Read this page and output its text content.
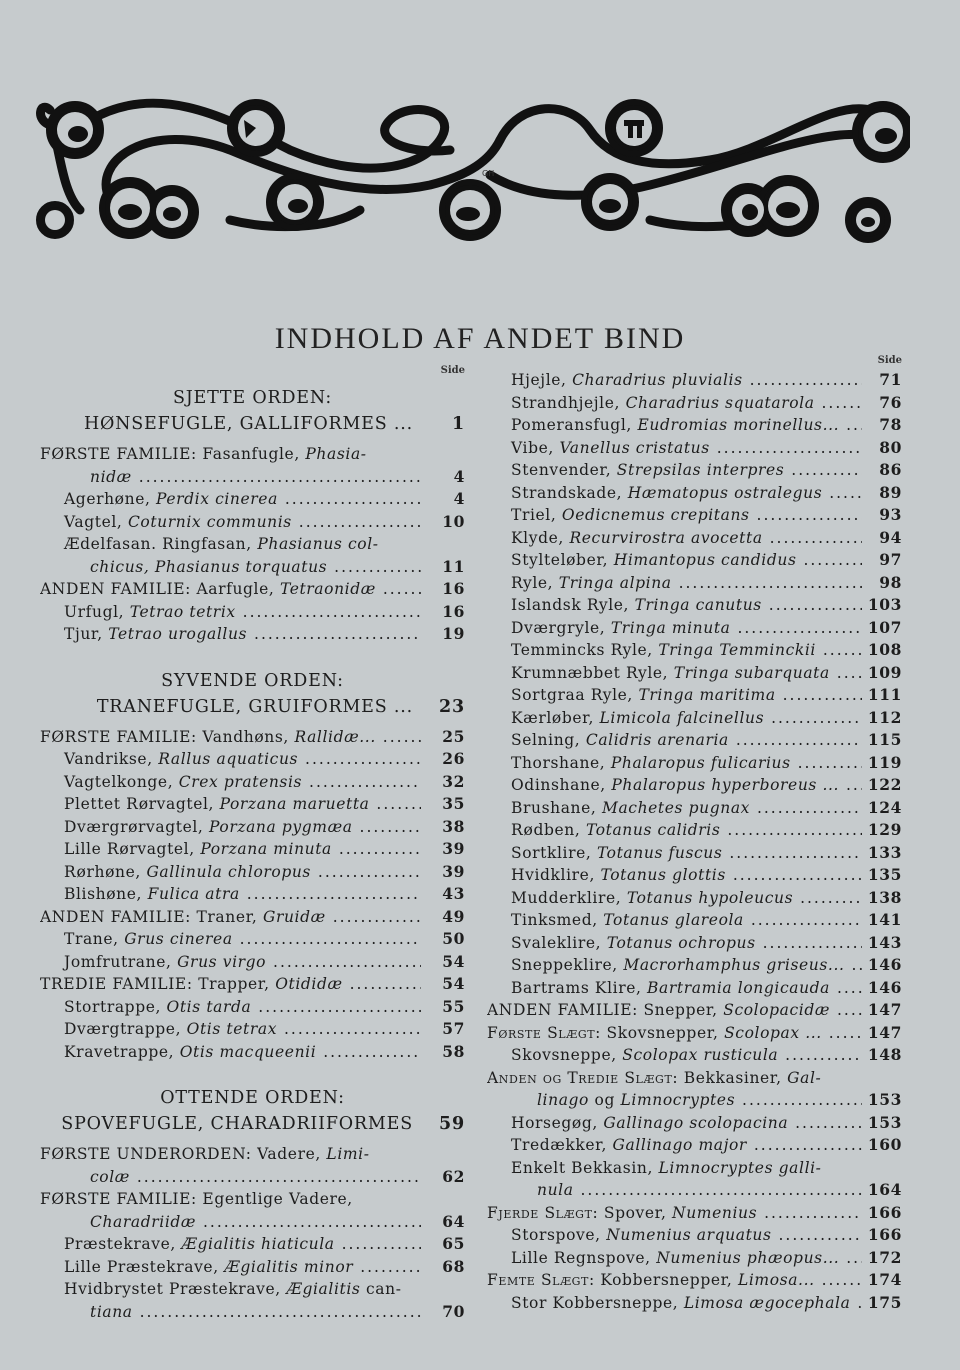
GH
INDHOLD AF ANDET BIND
Side
SJETTE ORDEN:
HØNSEFUGLE, GALLIFORMES ...	1
FØRSTE FAMILIE: Fasanfugle, Phasia-
nidæ .....	4
Agerhøne, Perdix cinerea .....	4
Vagtel, Coturnix communis .....	10
Ædelfasan. Ringfasan, Phasianus col-
chicus, Phasianus torquatus .....	11
ANDEN FAMILIE: Aarfugle, Tetraonidæ .....	16
Urfugl, Tetrao tetrix .....	16
Tjur, Tetrao urogallus .....	19
SYVENDE ORDEN:
TRANEFUGLE, GRUIFORMES ...	23
FØRSTE FAMILIE: Vandhøns, Rallidæ... .....	25
Vandrikse, Rallus aquaticus .....	26
Vagtelkonge, Crex pratensis .....	32
Plettet Rørvagtel, Porzana maruetta .....	35
Dværgrørvagtel, Porzana pygmæa .....	38
Lille Rørvagtel, Porzana minuta .....	39
Rørhøne, Gallinula chloropus .....	39
Blishøne, Fulica atra .....	43
ANDEN FAMILIE: Traner, Gruidæ .....	49
Trane, Grus cinerea .....	50
Jomfrutrane, Grus virgo .....	54
TREDIE FAMILIE: Trapper, Otididæ .....	54
Stortrappe, Otis tarda .....	55
Dværgtrappe, Otis tetrax .....	57
Kravetrappe, Otis macqueenii .....	58
OTTENDE ORDEN:
SPOVEFUGLE, CHARADRIIFORMES	59
FØRSTE UNDERORDEN: Vadere, Limi-
colæ .....	62
FØRSTE FAMILIE: Egentlige Vadere,
Charadriidæ .....	64
Præstekrave, Ægialitis hiaticula .....	65
Lille Præstekrave, Ægialitis minor .....	68
Hvidbrystet Præstekrave, Ægialitis can-
tiana .....	70
Side
Hjejle, Charadrius pluvialis .....	71
Strandhjejle, Charadrius squatarola .....	76
Pomeransfugl, Eudromias morinellus... .....	78
Vibe, Vanellus cristatus .....	80
Stenvender, Strepsilas interpres .....	86
Strandskade, Hæmatopus ostralegus .....	89
Triel, Oedicnemus crepitans .....	93
Klyde, Recurvirostra avocetta .....	94
Stylteløber, Himantopus candidus .....	97
Ryle, Tringa alpina .....	98
Islandsk Ryle, Tringa canutus .....	103
Dværgryle, Tringa minuta .....	107
Temmincks Ryle, Tringa Temminckii .....	108
Krumnæbbet Ryle, Tringa subarquata .....	109
Sortgraa Ryle, Tringa maritima .....	111
Kærløber, Limicola falcinellus .....	112
Selning, Calidris arenaria .....	115
Thorshane, Phalaropus fulicarius .....	119
Odinshane, Phalaropus hyperboreus ... .....	122
Brushane, Machetes pugnax .....	124
Rødben, Totanus calidris .....	129
Sortklire, Totanus fuscus .....	133
Hvidklire, Totanus glottis .....	135
Mudderklire, Totanus hypoleucus .....	138
Tinksmed, Totanus glareola .....	141
Svaleklire, Totanus ochropus .....	143
Sneppeklire, Macrorhamphus griseus... .....	146
Bartrams Klire, Bartramia longicauda .....	146
ANDEN FAMILIE: Snepper, Scolopacidæ .....	147
Første Slægt: Skovsnepper, Scolopax ... .....	147
Skovsneppe, Scolopax rusticula .....	148
Anden og Tredie Slægt: Bekkasiner, Gal-
linago og Limnocryptes .....	153
Horsegøg, Gallinago scolopacina .....	153
Tredækker, Gallinago major .....	160
Enkelt Bekkasin, Limnocryptes galli-
nula .....	164
Fjerde Slægt: Spover, Numenius .....	166
Storspove, Numenius arquatus .....	166
Lille Regnspove, Numenius phæopus... .....	172
Femte Slægt: Kobbersnepper, Limosa... .....	174
Stor Kobbersneppe, Limosa ægocephala .....	175
